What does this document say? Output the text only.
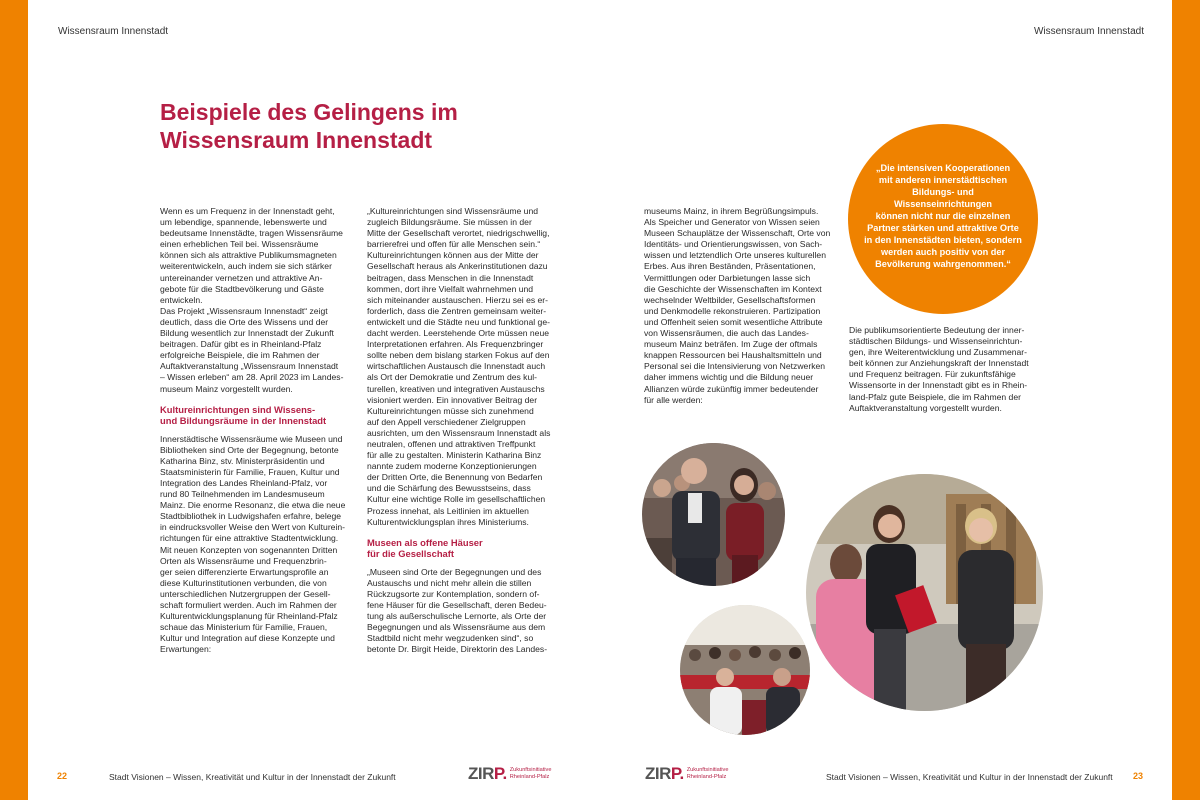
Wissensraum Innenstadt	Wissensraum Innenstadt
Beispiele des Gelingens im
Wissensraum Innenstadt

Wenn es um Frequenz in der Innenstadt geht,
um lebendige, spannende, lebenswerte und
bedeutsame Innenstädte, tragen Wissensräume
einen erheblichen Teil bei. Wissensräume
können sich als attraktive Publikumsmagneten
weiterentwickeln, auch indem sie sich stärker
untereinander vernetzen und attraktive An-
gebote für die Stadtbevölkerung und Gäste
entwickeln.

Das Projekt „Wissensraum Innenstadt“ zeigt
deutlich, dass die Orte des Wissens und der
Bildung wesentlich zur Innenstadt der Zukunft
beitragen. Dafür gibt es in Rheinland-Pfalz
erfolgreiche Beispiele, die im Rahmen der
Auftaktveranstaltung „Wissensraum Innenstadt
– Wissen erleben“ am 28. April 2023 im Landes-
museum Mainz vorgestellt wurden.

Kultureinrichtungen sind Wissens-
und Bildungsräume in der Innenstadt

Innerstädtische Wissensräume wie Museen und
Bibliotheken sind Orte der Begegnung, betonte
Katharina Binz, stv. Ministerpräsidentin und
Staatsministerin für Familie, Frauen, Kultur und
Integration des Landes Rheinland-Pfalz, vor
rund 80 Teilnehmenden im Landesmuseum
Mainz. Die enorme Resonanz, die etwa die neue
Stadtbibliothek in Ludwigshafen erfahre, belege
in eindrucksvoller Weise den Wert von Kulturein-
richtungen für eine attraktive Stadtentwicklung.
Mit neuen Konzepten von sogenannten Dritten
Orten als Wissensräume und Frequenzbrin-
ger seien differenzierte Erwartungsprofile an
diese Kulturinstitutionen verbunden, die von
unterschiedlichen Nutzergruppen der Gesell-
schaft formuliert werden. Auch im Rahmen der
Kulturentwicklungsplanung für Rheinland-Pfalz
schaue das Ministerium für Familie, Frauen,
Kultur und Integration auf diese Konzepte und
Erwartungen:

„Kultureinrichtungen sind Wissensräume und
zugleich Bildungsräume. Sie müssen in der
Mitte der Gesellschaft verortet, niedrigschwellig,
barrierefrei und offen für alle Menschen sein.“
Kultureinrichtungen können aus der Mitte der
Gesellschaft heraus als Ankerinstitutionen dazu
beitragen, dass Menschen in die Innenstadt
kommen, dort ihre Vielfalt wahrnehmen und
sich miteinander austauschen. Hierzu sei es er-
forderlich, dass die Zentren gemeinsam weiter-
entwickelt und die Städte neu und funktional ge-
dacht werden. Leerstehende Orte müssen neue
Interpretationen erfahren. Als Frequenzbringer
sollte neben dem bislang starken Fokus auf den
wirtschaftlichen Austausch die Innenstadt auch
als Ort der Demokratie und Zentrum des kul-
turellen, kreativen und integrativen Austauschs
visioniert werden. Ein innovativer Beitrag der
Kultureinrichtungen müsse sich zunehmend
auf den Appell verschiedener Zielgruppen
ausrichten, um den Wissensraum Innenstadt als
neutralen, offenen und attraktiven Treffpunkt
für alle zu gestalten. Ministerin Katharina Binz
nannte zudem moderne Konzeptionierungen
der Dritten Orte, die Benennung von Bedarfen
und die Schärfung des Bewusstseins, dass
Kultur eine wichtige Rolle im gesellschaftlichen
Prozess innehat, als Leitlinien im aktuellen
Kulturentwicklungsplan ihres Ministeriums.

Museen als offene Häuser
für die Gesellschaft

„Museen sind Orte der Begegnungen und des
Austauschs und nicht mehr allein die stillen
Rückzugsorte zur Kontemplation, sondern of-
fene Häuser für die Gesellschaft, deren Bedeu-
tung als außerschulische Lernorte, als Orte der
Begegnungen und als Wissensräume aus dem
Stadtbild nicht mehr wegzudenken sind“, so
betonte Dr. Birgit Heide, Direktorin des Landes-

museums Mainz, in ihrem Begrüßungsimpuls.
Als Speicher und Generator von Wissen seien
Museen Schauplätze der Wissenschaft, Orte von
Identitäts- und Orientierungswissen, von Sach-
wissen und letztendlich Orte unseres kulturellen
Erbes. Aus ihren Beständen, Präsentationen,
Vermittlungen oder Darbietungen lasse sich
die Geschichte der Wissenschaften im Kontext
wechselnder Weltbilder, Gesellschaftsformen
und Denkmodelle rekonstruieren. Partizipation
und Offenheit seien somit wesentliche Attribute
von Wissensräumen, die auch das Landes-
museum Mainz beträfen. Im Zuge der oftmals
knappen Ressourcen bei Haushaltsmitteln und
Personal sei die Intensivierung von Netzwerken
daher immens wichtig und die Bildung neuer
Allianzen würde zukünftig immer bedeutender
für alle werden:

Die publikumsorientierte Bedeutung der inner-
städtischen Bildungs- und Wissenseinrichtun-
gen, ihre Weiterentwicklung und Zusammenar-
beit können zur Anziehungskraft der Innenstadt
und Frequenz beitragen. Für zukunftsfähige
Wissensorte in der Innenstadt gibt es in Rhein-
land-Pfalz gute Beispiele, die im Rahmen der
Auftaktveranstaltung vorgestellt wurden.

„Die intensiven Kooperationen
mit anderen innerstädtischen
Bildungs- und Wissenseinrichtungen
können nicht nur die einzelnen
Partner stärken und attraktive Orte
in den Innenstädten bieten, sondern
werden auch positiv von der
Bevölkerung wahrgenommen.“
22	Stadt Visionen – Wissen, Kreativität und Kultur in der Innenstadt der Zukunft	ZIRP. Zukunftsinitiative
Rheinland-Pfalz	ZIRP. Zukunftsinitiative
Rheinland-Pfalz	Stadt Visionen – Wissen, Kreativität und Kultur in der Innenstadt der Zukunft 23
